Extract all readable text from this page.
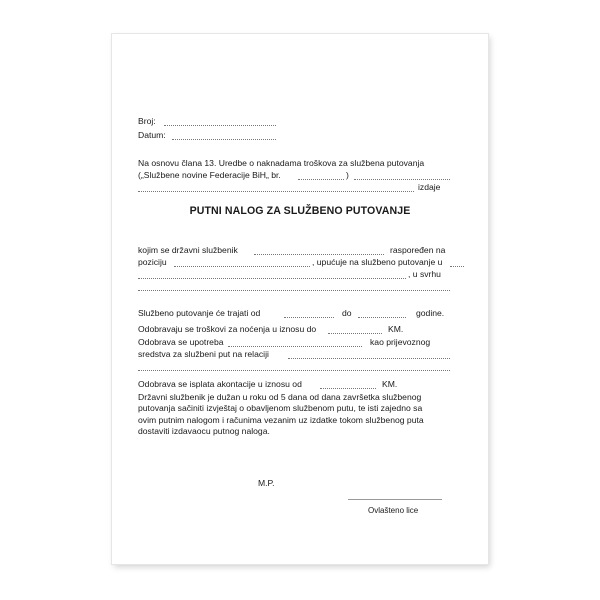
Broj:
Datum:
Na osnovu člana 13. Uredbe o naknadama troškova za službena putovanja
(„Službene novine Federacije BiH„ br.	)
izdaje
PUTNI NALOG ZA SLUŽBENO PUTOVANJE
kojim se državni službenik	raspoređen na
poziciju	, upućuje na službeno putovanje u
, u svrhu
Službeno putovanje će trajati od	do	godine.
Odobravaju se troškovi za noćenja u iznosu do	KM.
Odobrava se upotreba	kao prijevoznog
sredstva za službeni put na relaciji
Odobrava se isplata akontacije u iznosu od	KM.
Državni službenik je dužan u roku od 5 dana od dana završetka službenog
putovanja sačiniti izvještaj o obavljenom službenom putu, te isti zajedno sa
ovim putnim nalogom i računima vezanim uz izdatke tokom službenog puta
dostaviti izdavaocu putnog naloga.
M.P.
Ovlašteno lice
